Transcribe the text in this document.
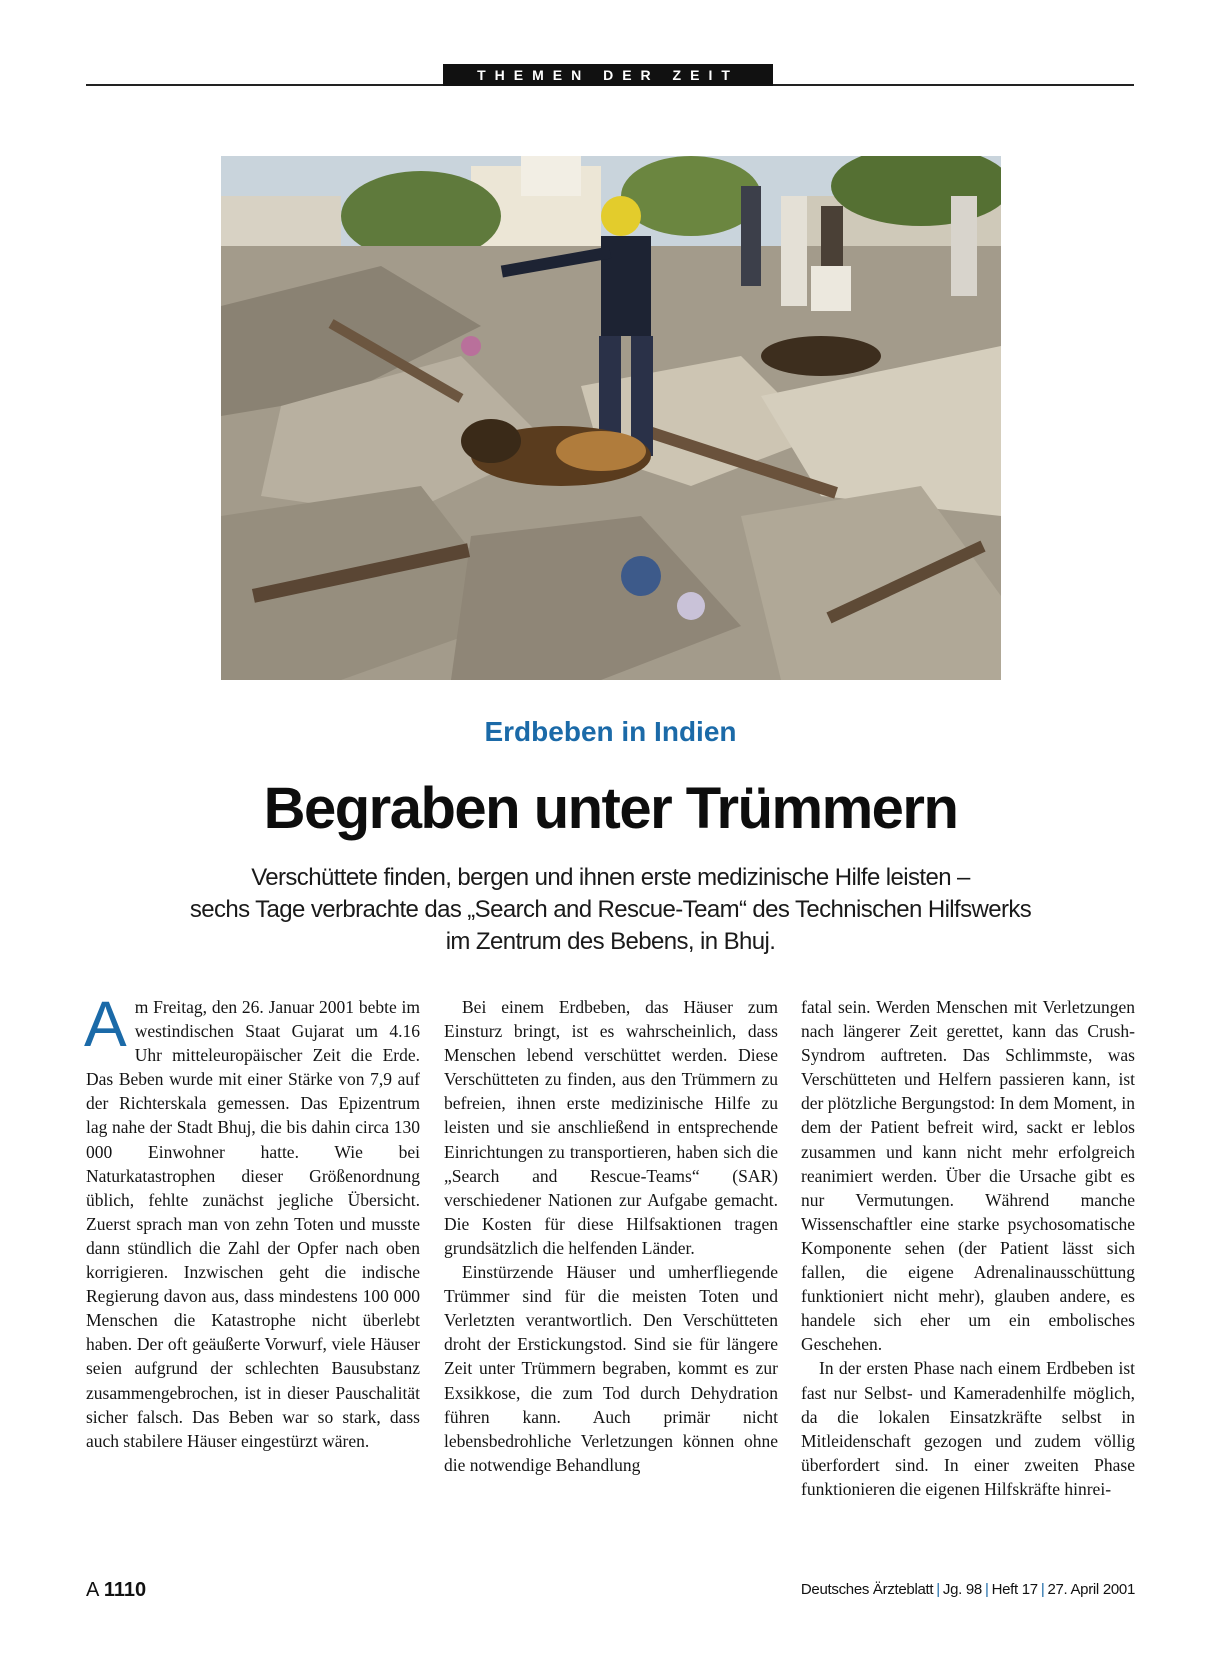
THEMEN DER ZEIT
Erdbeben in Indien
Begraben unter Trümmern
Verschüttete finden, bergen und ihnen erste medizinische Hilfe leisten –
sechs Tage verbrachte das „Search and Rescue-Team“ des Technischen Hilfswerks
im Zentrum des Bebens, in Bhuj.
A m Freitag, den 26. Januar 2001 bebte im westindischen Staat Gujarat um 4.16 Uhr mitteleuropäischer Zeit die Erde. Das Beben wurde mit einer Stärke von 7,9 auf der Richterskala gemessen. Das Epizentrum lag nahe der Stadt Bhuj, die bis dahin circa 130 000 Einwohner hatte. Wie bei Naturkatastrophen dieser Größenordnung üblich, fehlte zunächst jegliche Übersicht. Zuerst sprach man von zehn Toten und musste dann stündlich die Zahl der Opfer nach oben korrigieren. Inzwischen geht die indische Regierung davon aus, dass mindestens 100 000 Menschen die Katastrophe nicht überlebt haben. Der oft geäußerte Vorwurf, viele Häuser seien aufgrund der schlechten Bausubstanz zusammengebrochen, ist in dieser Pauschalität sicher falsch. Das Beben war so stark, dass auch stabilere Häuser eingestürzt wären.

Bei einem Erdbeben, das Häuser zum Einsturz bringt, ist es wahrscheinlich, dass Menschen lebend verschüttet werden. Diese Verschütteten zu finden, aus den Trümmern zu befreien, ihnen erste medizinische Hilfe zu leisten und sie anschließend in entsprechende Einrichtungen zu transportieren, haben sich die „Search and Rescue-Teams“ (SAR) verschiedener Nationen zur Aufgabe gemacht. Die Kosten für diese Hilfsaktionen tragen grundsätzlich die helfenden Länder.

Einstürzende Häuser und umherfliegende Trümmer sind für die meisten Toten und Verletzten verantwortlich. Den Verschütteten droht der Erstickungstod. Sind sie für längere Zeit unter Trümmern begraben, kommt es zur Exsikkose, die zum Tod durch Dehydration führen kann. Auch primär nicht lebensbedrohliche Verletzungen können ohne die notwendige Behandlung

fatal sein. Werden Menschen mit Verletzungen nach längerer Zeit gerettet, kann das Crush-Syndrom auftreten. Das Schlimmste, was Verschütteten und Helfern passieren kann, ist der plötzliche Bergungstod: In dem Moment, in dem der Patient befreit wird, sackt er leblos zusammen und kann nicht mehr erfolgreich reanimiert werden. Über die Ursache gibt es nur Vermutungen. Während manche Wissenschaftler eine starke psychosomatische Komponente sehen (der Patient lässt sich fallen, die eigene Adrenalinausschüttung funktioniert nicht mehr), glauben andere, es handele sich eher um ein embolisches Geschehen.

In der ersten Phase nach einem Erdbeben ist fast nur Selbst- und Kameradenhilfe möglich, da die lokalen Einsatzkräfte selbst in Mitleidenschaft gezogen und zudem völlig überfordert sind. In einer zweiten Phase funktionieren die eigenen Hilfskräfte hinrei-

A 1110	Deutsches Ärzteblatt | Jg. 98 | Heft 17 | 27. April 2001
